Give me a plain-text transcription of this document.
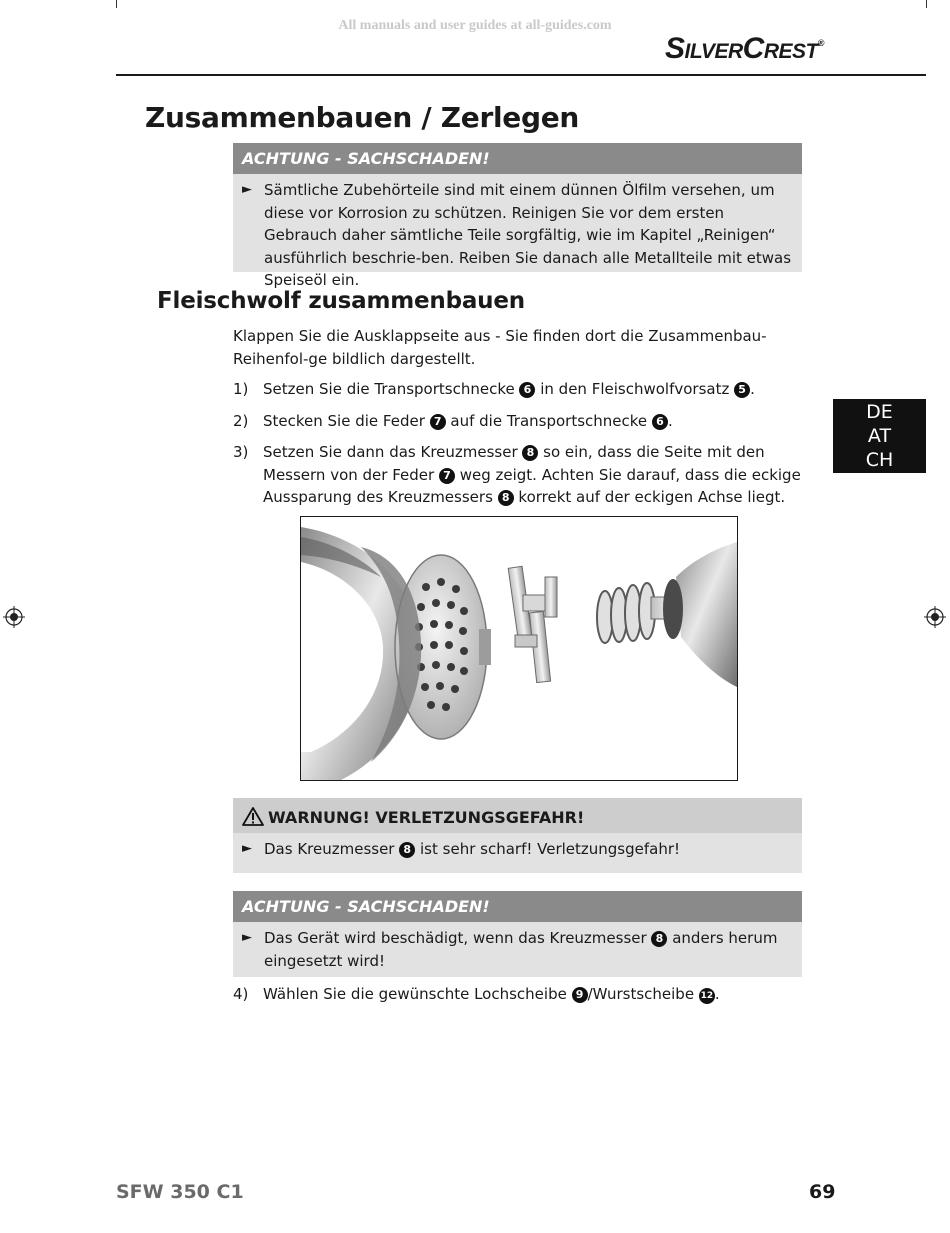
All manuals and user guides at all-guides.com
SilverCrest®
Zusammenbauen / Zerlegen
ACHTUNG - SACHSCHADEN!
► Sämtliche Zubehörteile sind mit einem dünnen Ölfilm versehen, um diese vor Korrosion zu schützen. Reinigen Sie vor dem ersten Gebrauch daher sämtliche Teile sorgfältig, wie im Kapitel „Reinigen“ ausführlich beschrie-ben. Reiben Sie danach alle Metallteile mit etwas Speiseöl ein.
Fleischwolf zusammenbauen
Klappen Sie die Ausklappseite aus - Sie finden dort die Zusammenbau-Reihenfol-ge bildlich dargestellt.
1) Setzen Sie die Transportschnecke 6 in den Fleischwolfvorsatz 5 .
2) Stecken Sie die Feder 7 auf die Transportschnecke 6 .
3) Setzen Sie dann das Kreuzmesser 8 so ein, dass die Seite mit den Messern von der Feder 7 weg zeigt. Achten Sie darauf, dass die eckige Aussparung des Kreuzmessers 8 korrekt auf der eckigen Achse liegt.
WARNUNG! VERLETZUNGSGEFAHR!
► Das Kreuzmesser 8 ist sehr scharf! Verletzungsgefahr!
ACHTUNG - SACHSCHADEN!
► Das Gerät wird beschädigt, wenn das Kreuzmesser 8 anders herum eingesetzt wird!
4) Wählen Sie die gewünschte Lochscheibe 9 /Wurstscheibe 12 .
DE
AT
CH
SFW 350 C1	69
